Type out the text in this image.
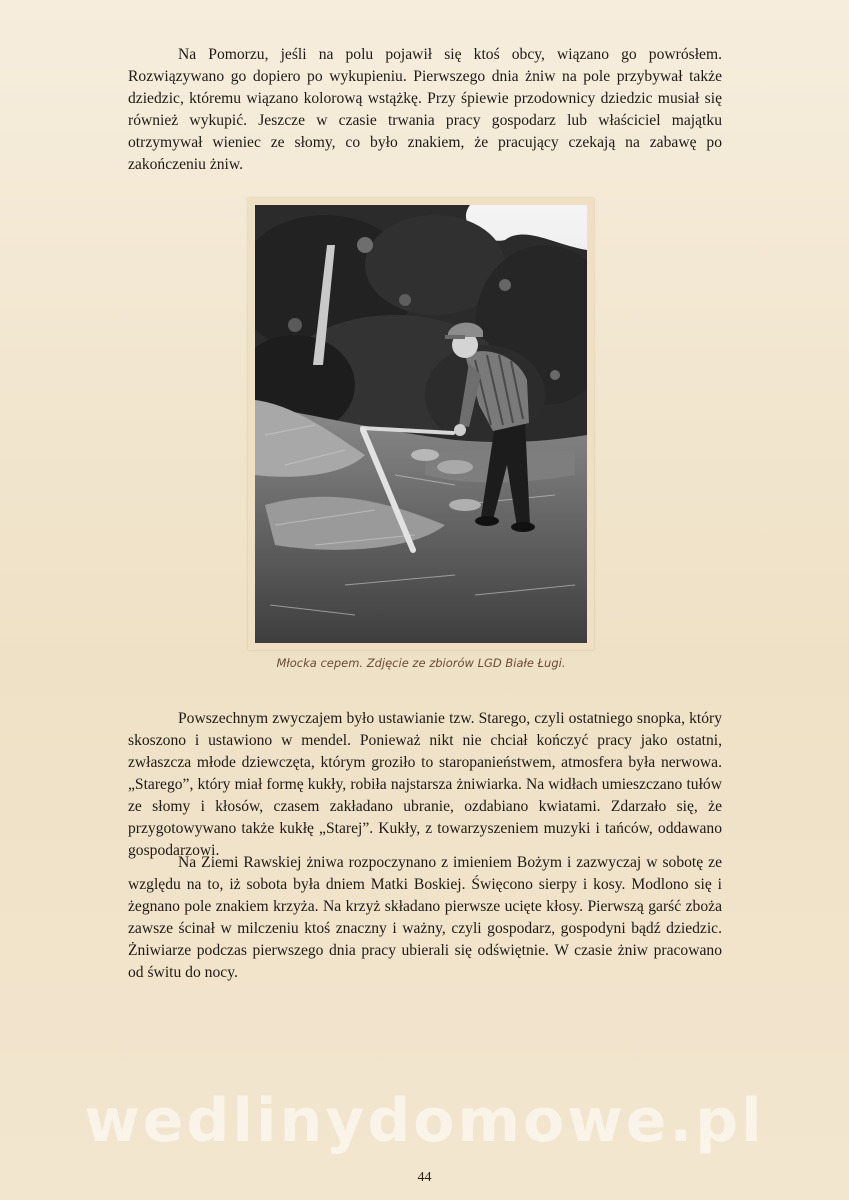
Na Pomorzu, jeśli na polu pojawił się ktoś obcy, wiązano go powrósłem. Rozwiązywano go dopiero po wykupieniu. Pierwszego dnia żniw na pole przybywał także dziedzic, któremu wiązano kolorową wstążkę. Przy śpiewie przodownicy dziedzic musiał się również wykupić. Jeszcze w czasie trwania pracy gospodarz lub właściciel majątku otrzymywał wieniec ze słomy, co było znakiem, że pracujący czekają na zabawę po zakończeniu żniw.

Młocka cepem. Zdjęcie ze zbiorów LGD Białe Ługi.

Powszechnym zwyczajem było ustawianie tzw. Starego, czyli ostatniego snopka, który skoszono i ustawiono w mendel. Ponieważ nikt nie chciał kończyć pracy jako ostatni, zwłaszcza młode dziewczęta, którym groziło to staropanieństwem, atmosfera była nerwowa. „Starego”, który miał formę kukły, robiła najstarsza żniwiarka. Na widłach umieszczano tułów ze słomy i kłosów, czasem zakładano ubranie, ozdabiano kwiatami. Zdarzało się, że przygotowywano także kukłę „Starej”. Kukły, z towarzyszeniem muzyki i tańców, oddawano gospodarzowi.

Na Ziemi Rawskiej żniwa rozpoczynano z imieniem Bożym i zazwyczaj w sobotę ze względu na to, iż sobota była dniem Matki Boskiej. Święcono sierpy i kosy. Modlono się i żegnano pole znakiem krzyża. Na krzyż składano pierwsze ucięte kłosy. Pierwszą garść zboża zawsze ścinał w milczeniu ktoś znaczny i ważny, czyli gospodarz, gospodyni bądź dziedzic. Żniwiarze podczas pierwszego dnia pracy ubierali się odświętnie. W czasie żniw pracowano od świtu do nocy.

wedlinydomowe.pl
44
